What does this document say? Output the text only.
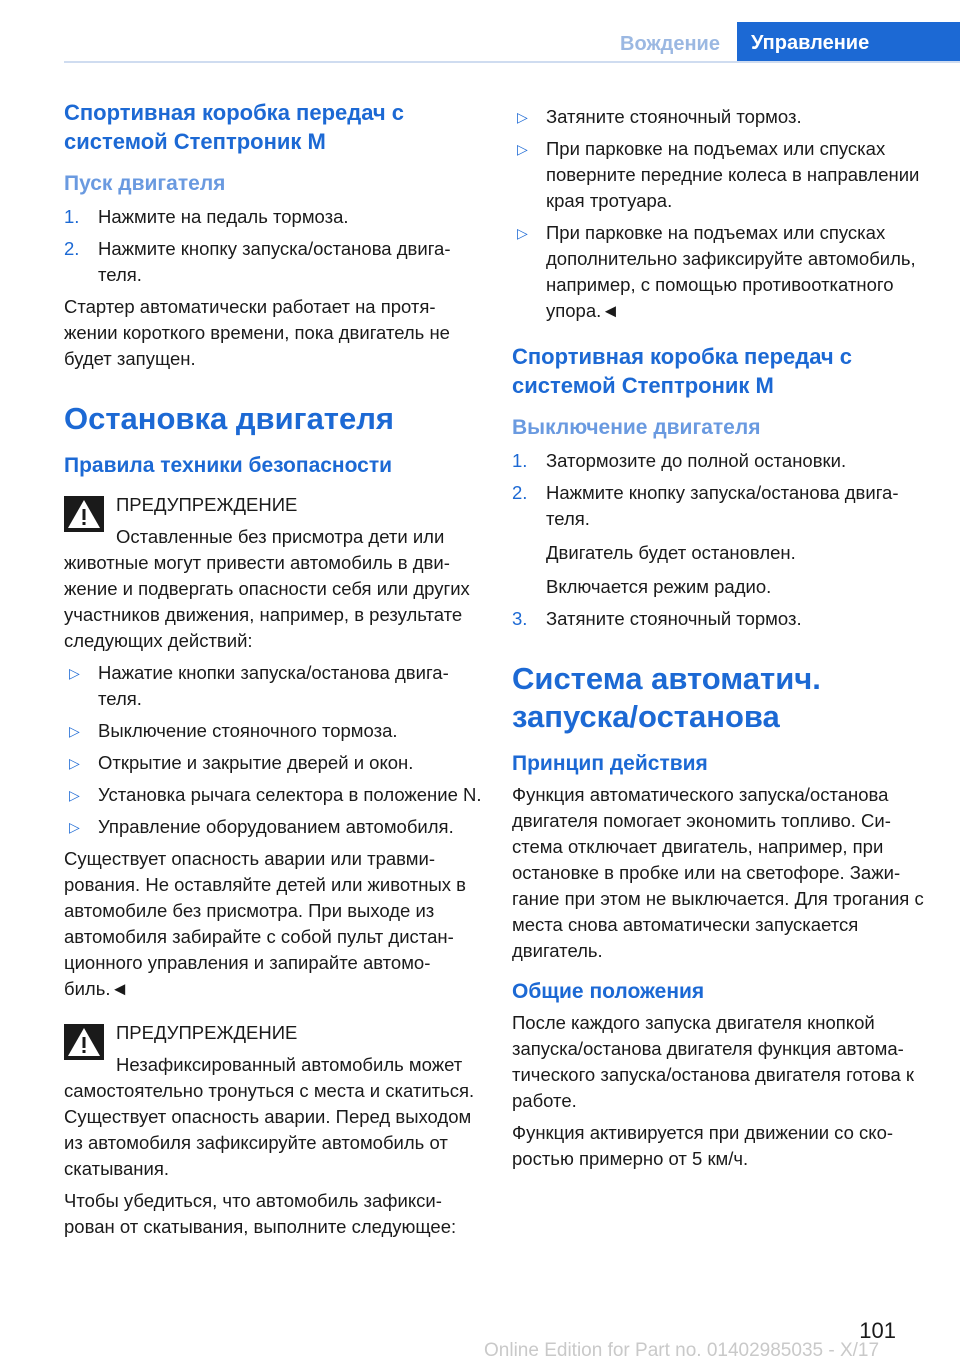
Вождение	Управление
Спортивная коробка передач с системой Стептроник M
Пуск двигателя
1. Нажмите на педаль тормоза.
2. Нажмите кнопку запуска/останова двигателя.

Стартер автоматически работает на протяжении короткого времени, пока двигатель не будет запущен.

Остановка двигателя
Правила техники безопасности
ПРЕДУПРЕЖДЕНИЕ
Оставленные без присмотра дети или животные могут привести автомобиль в движение и подвергать опасности себя или других участников движения, например, в результате следующих действий:
▷ Нажатие кнопки запуска/останова двигателя.
▷ Выключение стояночного тормоза.
▷ Открытие и закрытие дверей и окон.
▷ Установка рычага селектора в положение N.
▷ Управление оборудованием автомобиля.

Существует опасность аварии или травмирования. Не оставляйте детей или животных в автомобиле без присмотра. При выходе из автомобиля забирайте с собой пульт дистанционного управления и запирайте автомобиль.◄

ПРЕДУПРЕЖДЕНИЕ
Незафиксированный автомобиль может самостоятельно тронуться с места и скатиться. Существует опасность аварии. Перед выходом из автомобиля зафиксируйте автомобиль от скатывания.

Чтобы убедиться, что автомобиль зафиксирован от скатывания, выполните следующее:

▷ Затяните стояночный тормоз.
▷ При парковке на подъемах или спусках поверните передние колеса в направлении края тротуара.
▷ При парковке на подъемах или спусках дополнительно зафиксируйте автомобиль, например, с помощью противооткатного упора.◄
Спортивная коробка передач с системой Стептроник M
Выключение двигателя
1. Затормозите до полной остановки.
2. Нажмите кнопку запуска/останова двигателя.
Двигатель будет остановлен.
Включается режим радио.
3. Затяните стояночный тормоз.
Система автоматич. запуска/останова
Принцип действия

Функция автоматического запуска/останова двигателя помогает экономить топливо. Система отключает двигатель, например, при остановке в пробке или на светофоре. Зажигание при этом не выключается. Для трогания с места снова автоматически запускается двигатель.

Общие положения

После каждого запуска двигателя кнопкой запуска/останова двигателя функция автоматического запуска/останова двигателя готова к работе.

Функция активируется при движении со скоростью примерно от 5 км/ч.

101
Online Edition for Part no. 01402985035 - X/17
